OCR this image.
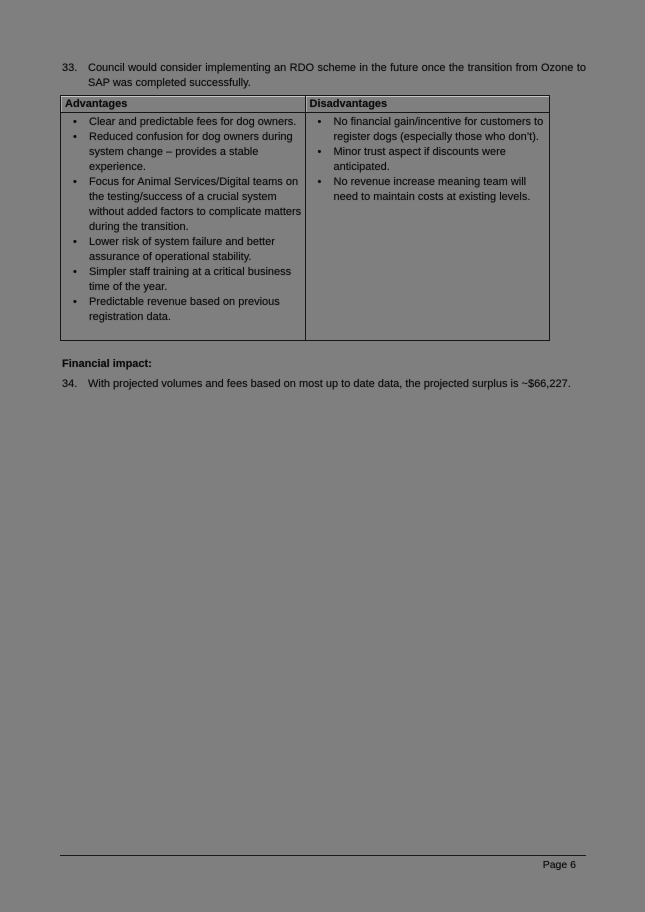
33. Council would consider implementing an RDO scheme in the future once the transition from Ozone to SAP was completed successfully.
Advantages	Disadvantages

• Clear and predictable fees for dog owners.
• Reduced confusion for dog owners during system change – provides a stable experience.
• Focus for Animal Services/Digital teams on the testing/success of a crucial system without added factors to complicate matters during the transition.
• Lower risk of system failure and better assurance of operational stability.
• Simpler staff training at a critical business time of the year.
• Predictable revenue based on previous registration data.

• No financial gain/incentive for customers to register dogs (especially those who don’t).
• Minor trust aspect if discounts were anticipated.
• No revenue increase meaning team will need to maintain costs at existing levels.
Financial impact:
34. With projected volumes and fees based on most up to date data, the projected surplus is ~$66,227.
Page 6
